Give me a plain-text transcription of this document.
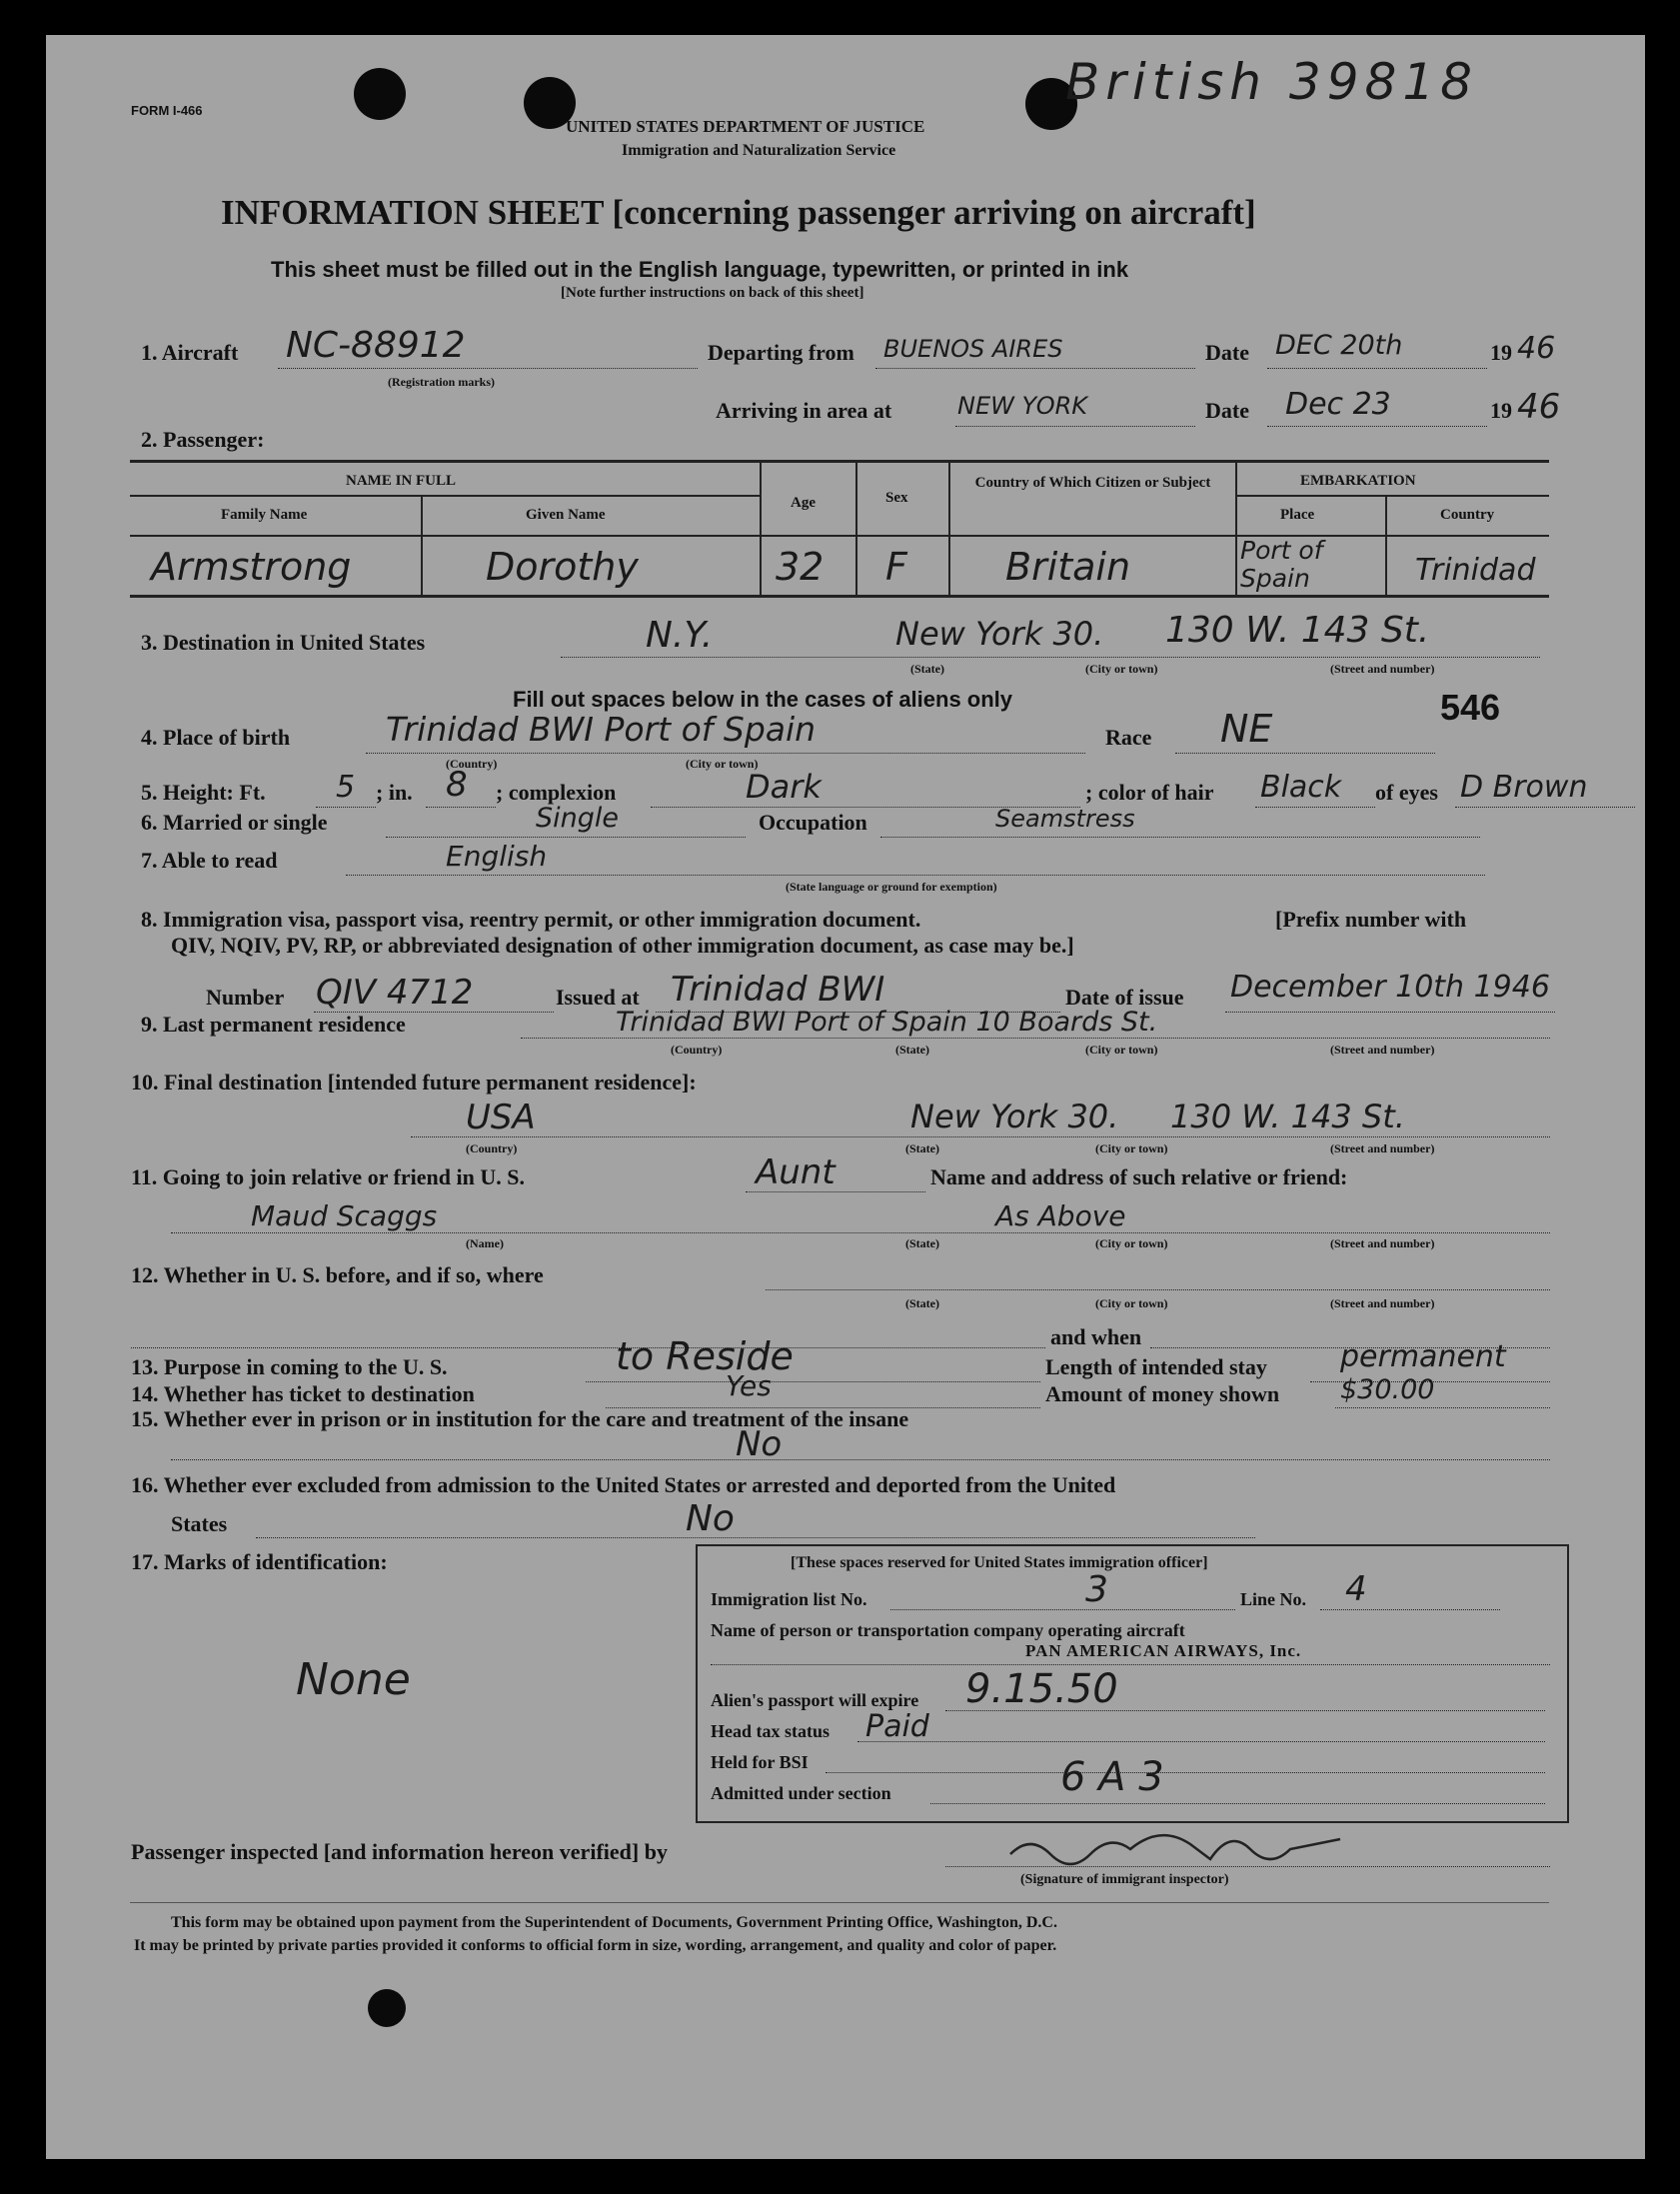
FORM I-466	British 39818
UNITED STATES DEPARTMENT OF JUSTICE
Immigration and Naturalization Service
INFORMATION SHEET [concerning passenger arriving on aircraft]
This sheet must be filled out in the English language, typewritten, or printed in ink
[Note further instructions on back of this sheet]
1. Aircraft NC-88912
(Registration marks)
Departing from BUENOS AIRES	Date DEC 20th	19 46
Arriving in area at	NEW YORK	Date Dec 23	19 46
2. Passenger:
NAME IN FULL
Family Name	Given Name
Age	Sex
Country of Which Citizen or Subject	EMBARKATION
Place	Country
Armstrong	Dorothy	32 F	Britain	Port of Spain	Trinidad
3. Destination in United States	N.Y.	New York 30. 130 W. 143 St.
(State)	(City or town)	(Street and number)
Fill out spaces below in the cases of aliens only	546
4. Place of birth	Trinidad BWI Port of Spain	Race NE
(Country)	(City or town)
5. Height: Ft. 5 ; in. 8 ; complexion	Dark	; color of hair Black of eyes D Brown
6. Married or single	Single	Occupation	Seamstress
7. Able to read	English
(State language or ground for exemption)
8. Immigration visa, passport visa, reentry permit, or other immigration document.	[Prefix number with
QIV, NQIV, PV, RP, or abbreviated designation of other immigration document, as case may be.]
Number QIV 4712	Issued at Trinidad BWI	Date of issue December 10th 1946
9. Last permanent residence	Trinidad BWI Port of Spain 10 Boards St.
(Country)	(State)	(City or town)	(Street and number)
10. Final destination [intended future permanent residence]:
USA	New York 30. 130 W. 143 St.
(Country)	(State)	(City or town)	(Street and number)
11. Going to join relative or friend in U. S.	Aunt	Name and address of such relative or friend:
Maud Scaggs	As Above
(Name)	(State)	(City or town)	(Street and number)
12. Whether in U. S. before, and if so, where
(State)	(City or town)	(Street and number)
and when
13. Purpose in coming to the U. S.	to Reside	Length of intended stay permanent
14. Whether has ticket to destination	Yes	Amount of money shown $30.00
15. Whether ever in prison or in institution for the care and treatment of the insane
No
16. Whether ever excluded from admission to the United States or arrested and deported from the United
States	No
17. Marks of identification:
None
[These spaces reserved for United States immigration officer]
Immigration list No.	3	Line No. 4
Name of person or transportation company operating aircraft
PAN AMERICAN AIRWAYS, Inc.
Alien's passport will expire 9.15.50
Head tax status Paid
Held for BSI
Admitted under section	6 A 3
Passenger inspected [and information hereon verified] by
(Signature of immigrant inspector)
This form may be obtained upon payment from the Superintendent of Documents, Government Printing Office, Washington, D.C.
It may be printed by private parties provided it conforms to official form in size, wording, arrangement, and quality and color of paper.
